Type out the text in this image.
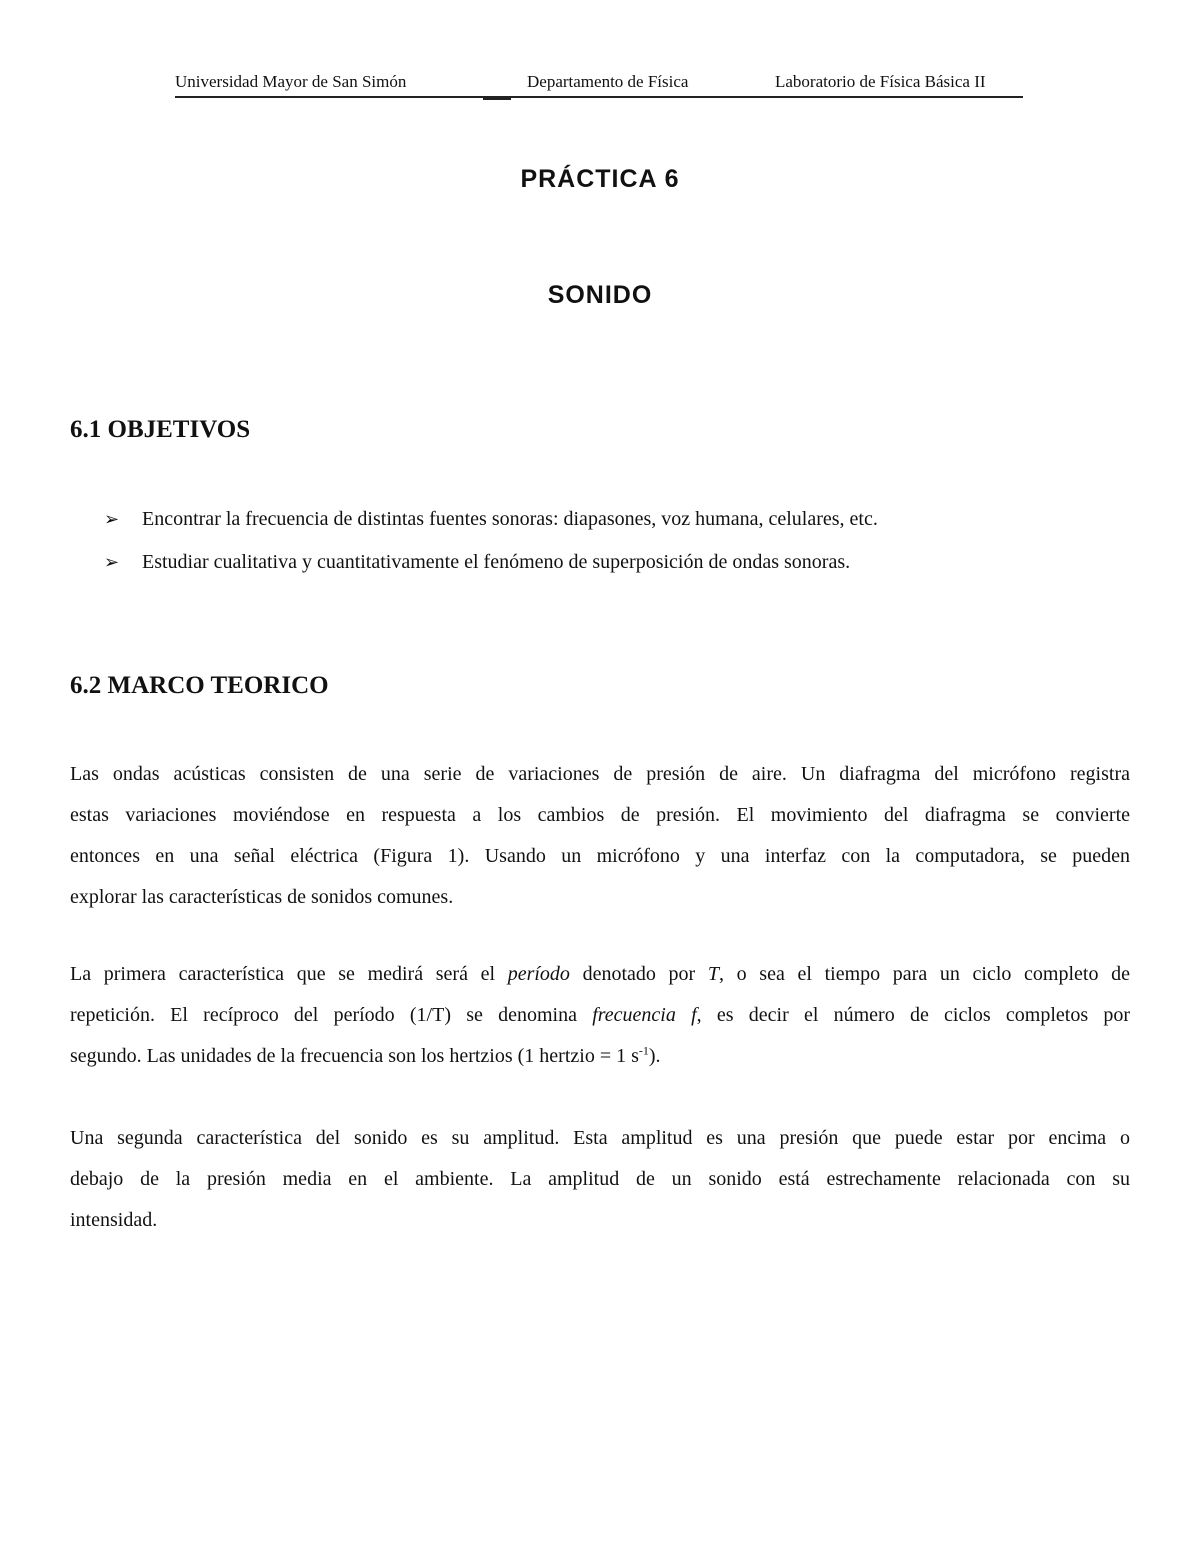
Universidad Mayor de San Simón	Departamento de Física	Laboratorio de Física Básica II
PRÁCTICA 6
SONIDO
6.1 OBJETIVOS
➢ Encontrar la frecuencia de distintas fuentes sonoras: diapasones, voz humana, celulares, etc.
➢ Estudiar cualitativa y cuantitativamente el fenómeno de superposición de ondas sonoras.
6.2 MARCO TEORICO
Las ondas acústicas consisten de una serie de variaciones de presión de aire. Un diafragma del micrófono registra
estas variaciones moviéndose en respuesta a los cambios de presión. El movimiento del diafragma se convierte
entonces en una señal eléctrica (Figura 1). Usando un micrófono y una interfaz con la computadora, se pueden
explorar las características de sonidos comunes.
La primera característica que se medirá será el período denotado por T, o sea el tiempo para un ciclo completo de
repetición. El recíproco del período (1/T) se denomina frecuencia f, es decir el número de ciclos completos por
segundo. Las unidades de la frecuencia son los hertzios (1 hertzio = 1 $s^{-1}$).
Una segunda característica del sonido es su amplitud. Esta amplitud es una presión que puede estar por encima o
debajo de la presión media en el ambiente. La amplitud de un sonido está estrechamente relacionada con su
intensidad.
